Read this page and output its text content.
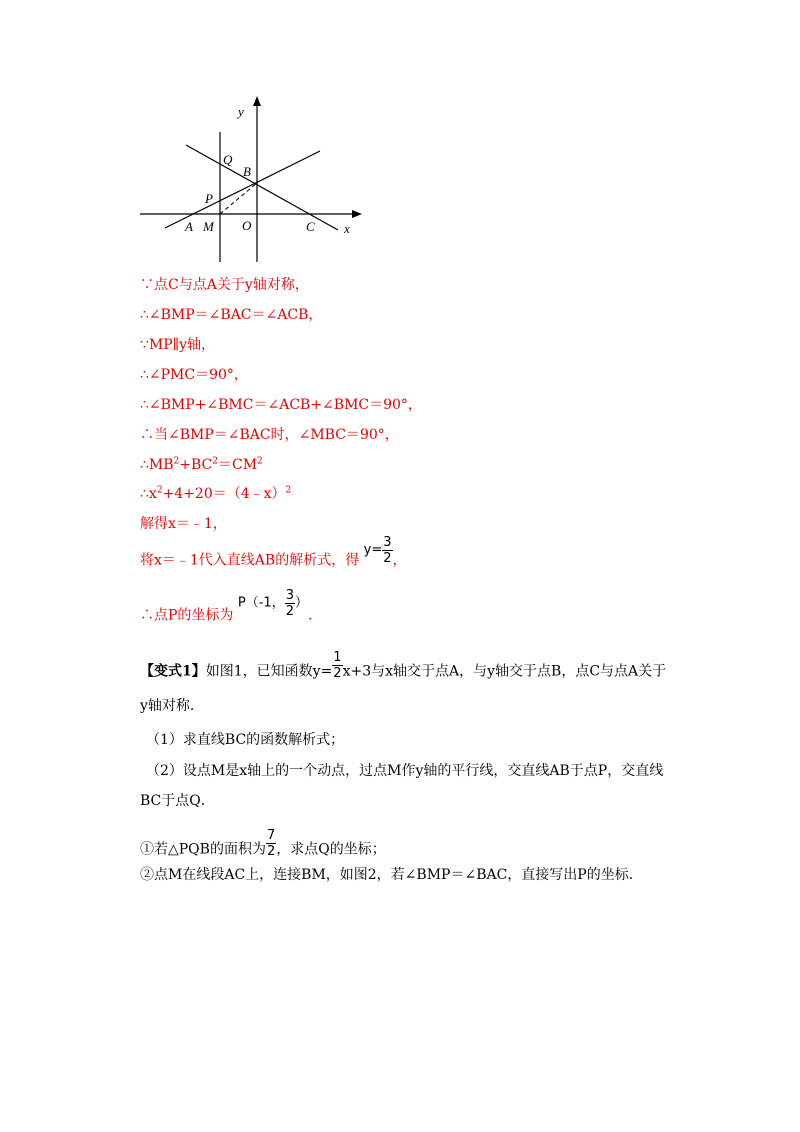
y
x
Q
B
P
A M O	C
∵点C与点A关于y轴对称，
∴∠BMP＝∠BAC＝∠ACB，
∵MP∥y轴，
∴∠PMC＝90°，
∴∠BMP+∠BMC＝∠ACB+∠BMC＝90°，
∴当∠BMP＝∠BAC时，∠MBC＝90°，
$\therefore MB^2+BC^2=CM^2$
$\therefore x^2+4+20=(4﹣x)^2$
解得x＝﹣1，
将x＝﹣1代入直线AB的解析式，得 $y= \frac{3}{2}$ ，
∴点P的坐标为 P（-1， $\frac{3}{2}$ ）.
【变式1】如图1，已知函数$y= \frac{1}{2} x+3$与x轴交于点A，与y轴交于点B，点C与点A关于
y轴对称．
（1）求直线BC的函数解析式；
（2）设点M是x轴上的一个动点，过点M作y轴的平行线，交直线AB于点P，交直线
BC于点Q．
①若△PQB的面积为 $\frac{7}{2}$ ，求点Q的坐标；
②点M在线段AC上，连接BM，如图2，若∠BMP＝∠BAC，直接写出P的坐标．
